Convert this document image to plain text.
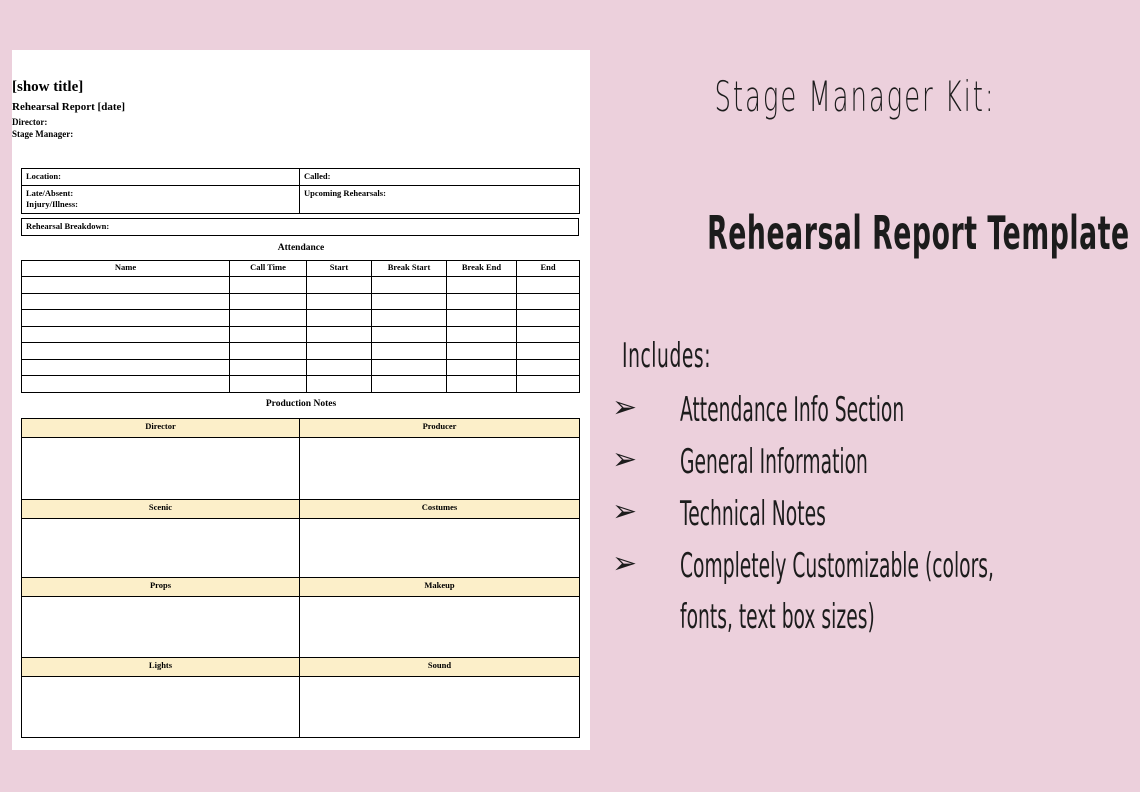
[show title]
Rehearsal Report [date]
Director:
Stage Manager:
Location:	Called:

Late/Absent:
Injury/Illness:	Upcoming Rehearsals:
Rehearsal Breakdown:
Attendance
Name	Call Time	Start	Break Start	Break End	End

Production Notes
Director	Producer

Scenic	Costumes

Props	Makeup

Lights	Sound

Stage Manager Kit:
Rehearsal Report Template
Includes:
➢ Attendance Info Section
➢ General Information
➢ Technical Notes
➢ Completely Customizable (colors,
fonts, text box sizes)
